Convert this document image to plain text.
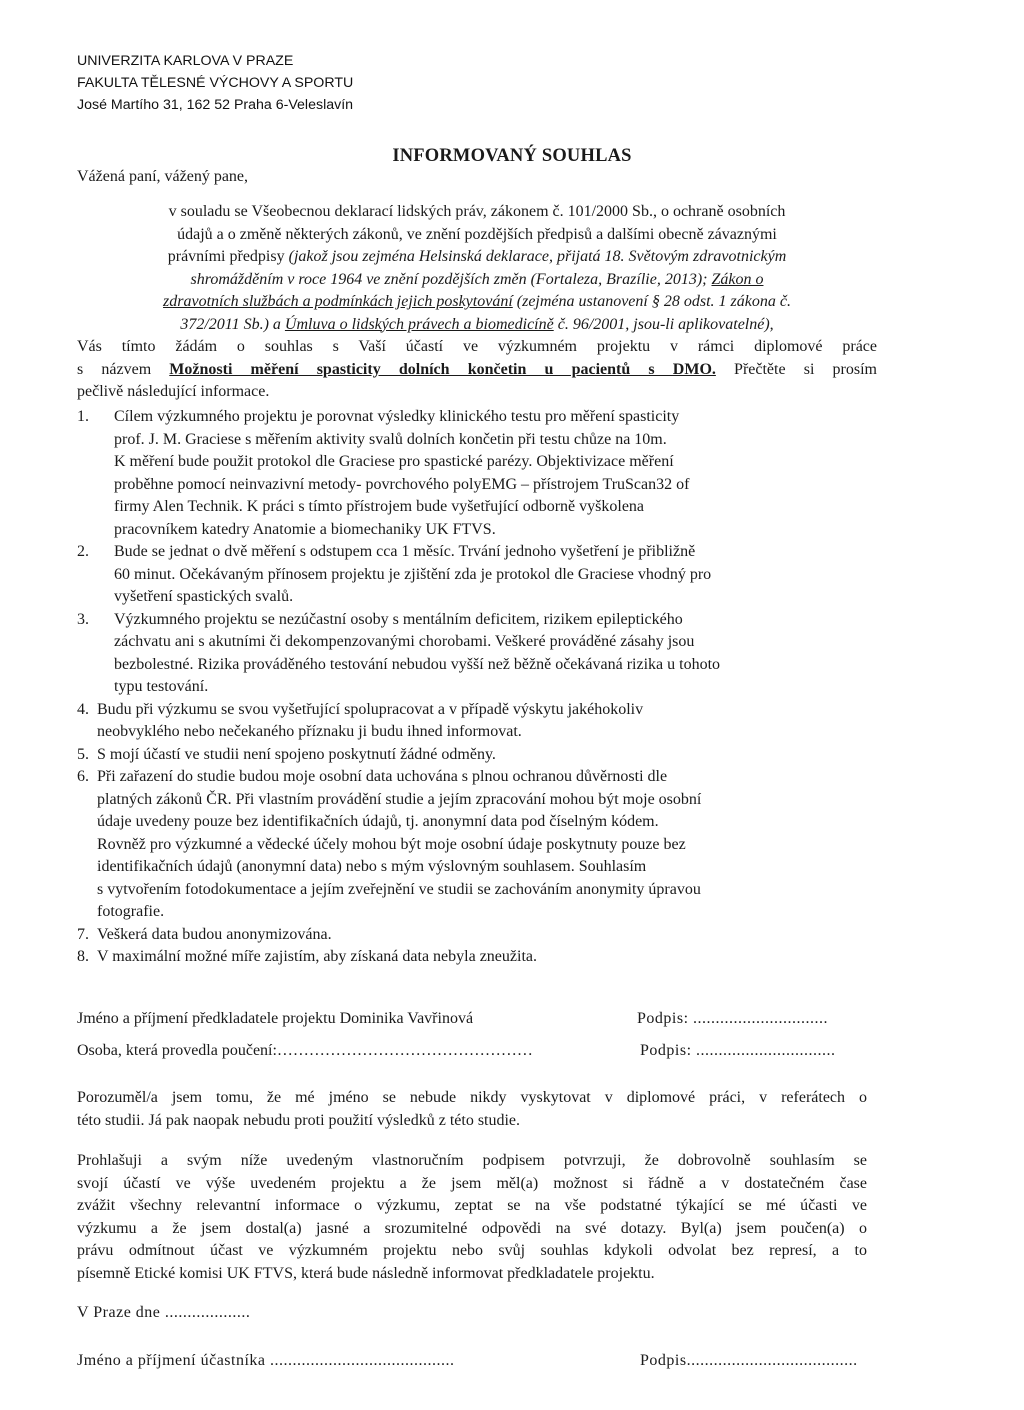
UNIVERZITA KARLOVA V PRAZE
FAKULTA TĚLESNÉ VÝCHOVY A SPORTU
José Martího 31, 162 52 Praha 6-Veleslavín
INFORMOVANÝ SOUHLAS
Vážená paní, vážený pane,
v souladu se Všeobecnou deklarací lidských práv, zákonem č. 101/2000 Sb., o ochraně osobních
údajů a o změně některých zákonů, ve znění pozdějších předpisů a dalšími obecně závaznými
právními předpisy (jakož jsou zejména Helsinská deklarace, přijatá 18. Světovým zdravotnickým
shromážděním v roce 1964 ve znění pozdějších změn (Fortaleza, Brazílie, 2013); Zákon o
zdravotních službách a podmínkách jejich poskytování (zejména ustanovení § 28 odst. 1 zákona č.
372/2011 Sb.) a Úmluva o lidských právech a biomedicíně č. 96/2001, jsou-li aplikovatelné),
Vás tímto žádám o souhlas s Vaší účastí ve výzkumném projektu v rámci diplomové práce
s názvem Možnosti měření spasticity dolních končetin u pacientů s DMO. Přečtěte si prosím
pečlivě následující informace.
1. Cílem výzkumného projektu je porovnat výsledky klinického testu pro měření spasticity
prof. J. M. Graciese s měřením aktivity svalů dolních končetin při testu chůze na 10m.
K měření bude použit protokol dle Graciese pro spastické parézy. Objektivizace měření
proběhne pomocí neinvazivní metody- povrchového polyEMG – přístrojem TruScan32 of
firmy Alen Technik. K práci s tímto přístrojem bude vyšetřující odborně vyškolena
pracovníkem katedry Anatomie a biomechaniky UK FTVS.
2. Bude se jednat o dvě měření s odstupem cca 1 měsíc. Trvání jednoho vyšetření je přibližně
60 minut. Očekávaným přínosem projektu je zjištění zda je protokol dle Graciese vhodný pro
vyšetření spastických svalů.
3. Výzkumného projektu se nezúčastní osoby s mentálním deficitem, rizikem epileptického
záchvatu ani s akutními či dekompenzovanými chorobami. Veškeré prováděné zásahy jsou
bezbolestné. Rizika prováděného testování nebudou vyšší než běžně očekávaná rizika u tohoto
typu testování.
4. Budu při výzkumu se svou vyšetřující spolupracovat a v případě výskytu jakéhokoliv
neobvyklého nebo nečekaného příznaku ji budu ihned informovat.
5. S mojí účastí ve studii není spojeno poskytnutí žádné odměny.
6. Při zařazení do studie budou moje osobní data uchována s plnou ochranou důvěrnosti dle
platných zákonů ČR. Při vlastním provádění studie a jejím zpracování mohou být moje osobní
údaje uvedeny pouze bez identifikačních údajů, tj. anonymní data pod číselným kódem.
Rovněž pro výzkumné a vědecké účely mohou být moje osobní údaje poskytnuty pouze bez
identifikačních údajů (anonymní data) nebo s mým výslovným souhlasem. Souhlasím
s vytvořením fotodokumentace a jejím zveřejnění ve studii se zachováním anonymity úpravou
fotografie.
7. Veškerá data budou anonymizována.
8. V maximální možné míře zajistím, aby získaná data nebyla zneužita.
Jméno a příjmení předkladatele projektu Dominika Vavřinová	Podpis: ..............................
Osoba, která provedla poučení:…………………………………………	Podpis: ...............................
Porozuměl/a jsem tomu, že mé jméno se nebude nikdy vyskytovat v diplomové práci, v referátech o
této studii. Já pak naopak nebudu proti použití výsledků z této studie.
Prohlašuji a svým níže uvedeným vlastnoručním podpisem potvrzuji, že dobrovolně souhlasím se
svojí účastí ve výše uvedeném projektu a že jsem měl(a) možnost si řádně a v dostatečném čase
zvážit všechny relevantní informace o výzkumu, zeptat se na vše podstatné týkající se mé účasti ve
výzkumu a že jsem dostal(a) jasné a srozumitelné odpovědi na své dotazy. Byl(a) jsem poučen(a) o
právu odmítnout účast ve výzkumném projektu nebo svůj souhlas kdykoli odvolat bez represí, a to
písemně Etické komisi UK FTVS, která bude následně informovat předkladatele projektu.
V Praze dne ...................
Jméno a příjmení účastníka .........................................	Podpis......................................
